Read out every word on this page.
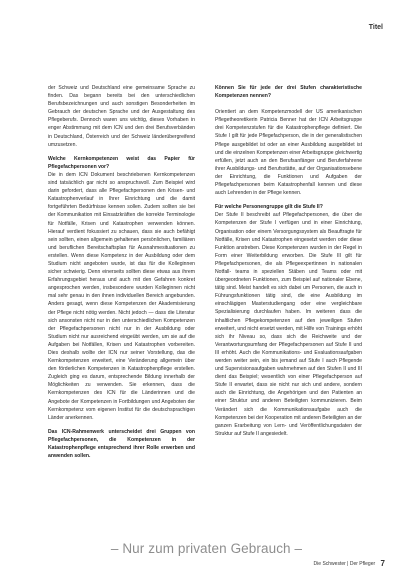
Titel

der Schweiz und Deutschland eine gemeinsame Sprache zu finden. Das begann bereits bei den unterschiedlichen Berufsbezeichnungen und auch sonstigen Besonderheiten im Gebrauch der deutschen Sprache und der Ausgestaltung des Pflegeberufs. Dennoch waren uns wichtig, dieses Vorhaben in enger Abstimmung mit dem ICN und den drei Berufsverbänden in Deutschland, Österreich und der Schweiz länderübergreifend umzusetzen.

Welche Kernkompetenzen weist das Papier für Pflegefachpersonen vor?

Die in dem ICN Dokument beschriebenen Kernkompetenzen sind tatsächlich gar nicht so anspruchsvoll. Zum Beispiel wird darin gefordert, dass alle Pflegefachpersonen den Krisen- und Katastrophenverlauf in Ihrer Einrichtung und die damit fortgeführten Bedürfnisse kennen sollen. Zudem sollten sie bei der Kommunikation mit Einsatzkräften die korrekte Terminologie für Notfälle, Krisen und Katastrophen verwenden können. Hierauf verdient fokussiert zu schauen, dass sie auch befähigt sein sollten, einen allgemein gehaltenen persönlichen, familiären und beruflichen Bereitschaftsplan für Ausnahmesituationen zu erstellen. Wenn diese Kompetenz in der Ausbildung oder dem Studium nicht angeboten wurde, ist das für die Kolleginnen sicher schwierig. Denn einerseits sollten diese etwas aus ihrem Erfahrungsgebiet heraus und auch mit den Gefahren konkret angesprochen werden, insbesondere wurden Kolleginnen nicht mal sehr genau in den ihnen individuellen Bereich angebunden. Anders gesagt, wenn diese Kompetenzen der Akademisierung der Pflege nicht nötig werden. Nicht jedoch — dass die Literatur sich ansonsten nicht nur in den unterschiedlichen Kompetenzen der Pflegefachpersonen nicht nur in der Ausbildung oder Studium nicht nur ausreichend eingeübt werden, um sie auf die Aufgaben bei Notfällen, Krisen und Katastrophen vorbereiten. Dies deshalb wollte der ICN nur seiner Vorstellung, das die Kernkompetenzen erweitert, eine Veränderung allgemein über den förderlichen Kompetenzen in Katastrophenpflege erstellen. Zugleich ging es darum, entsprechende Bildung innerhalb der Möglichkeiten zu verwenden. Sie erkennen, dass die Kernkompetenzen des ICN für die Länderinnen und die Angebote der Kompetenzen in Fortbildungen und Angeboten der Kernkompetenz vom eigenen Institut für die deutschsprachigen Länder anerkennen.

Das ICN-Rahmenwerk unterscheidet drei Gruppen von Pflegefachpersonen, die Kompetenzen in der Katastrophenpflege entsprechend ihrer Rolle erwerben und anwenden sollen.

Können Sie für jede der drei Stufen charakteristische Kompetenzen nennen?

Orientiert an dem Kompetenzmodell der US amerikanischen Pflegetheoretikerin Patricia Benner hat der ICN Arbeitsgruppe drei Kompetenzstufen für die Katastrophenpflege definiert. Die Stufe I gilt für jede Pflegefachperson, die in der generalistischen Pflege ausgebildet ist oder an einer Ausbildung ausgebildet ist und die einzelnen Kompetenzen einer Arbeitsgruppe gleichwertig erfüllen, jetzt auch an den Berufsanfänger und Beruferfahrene ihrer Ausbildungs- und Berufsstätte, auf der Organisationsebene der Einrichtung, die Funktionen und Aufgaben der Pflegefachpersonen beim Katastrophenfall kennen und diese auch Lehrenden in der Pflege kennen.

Für welche Personengruppe gilt die Stufe II?

Der Stufe II beschreibt auf Pflegefachpersonen, die über die Kompetenzen der Stufe I verfügen und in einer Einrichtung, Organisation oder einem Versorgungssystem als Beauftragte für Notfälle, Krisen und Katastrophen eingesetzt werden oder diese Funktion anstreben. Diese Kompetenzen wurden in der Regel in Form einer Weiterbildung erworben. Die Stufe III gilt für Pflegefachpersonen, die als Pflegeexpertinnen in nationalen Notfall- teams in speziellen Stäben und Teams oder mit übergeordneten Funktionen, zum Beispiel auf nationaler Ebene, tätig sind. Meist handelt es sich dabei um Personen, die auch in Führungsfunktionen tätig sind, die eine Ausbildung im einschlägigen Masterstudiengang oder eine vergleichbare Spezialisierung durchlaufen haben. Im weiteren dass die inhaltlichen Pflegekompetenzen auf den jeweiligen Stufen erweitert, und nicht ersetzt werden, mit Hilfe von Trainings erhöht sich ihr Niveau so, dass sich die Reichweite und der Verantwortungsumfang der Pflegefachpersonen auf Stufe II und III erhöht. Auch die Kommunikations- und Evaluationsaufgaben werden weiter sein, ein bis jemand auf Stufe I auch Pflegende und Supervisionsaufgaben wahrnehmen auf den Stufen II und III dient das Beispiel; wesentlich von einer Pflegefachperson auf Stufe II erwartet, dass sie nicht nur sich und andere, sondern auch die Einrichtung, die Angehörigen und den Patienten an einer Struktur und anderen Beteiligten kommunizieren. Beim Verändert sich die Kommunikationsaufgabe auch die Kompetenzen bei der Kooperation mit anderen Beteiligten an der ganzen Erarbeitung von Lern- und Veröffentlichungsdaten der Struktur auf Stufe II angesiedelt.

– Nur zum privaten Gebrauch –
Die Schwester | Der Pfleger 7
